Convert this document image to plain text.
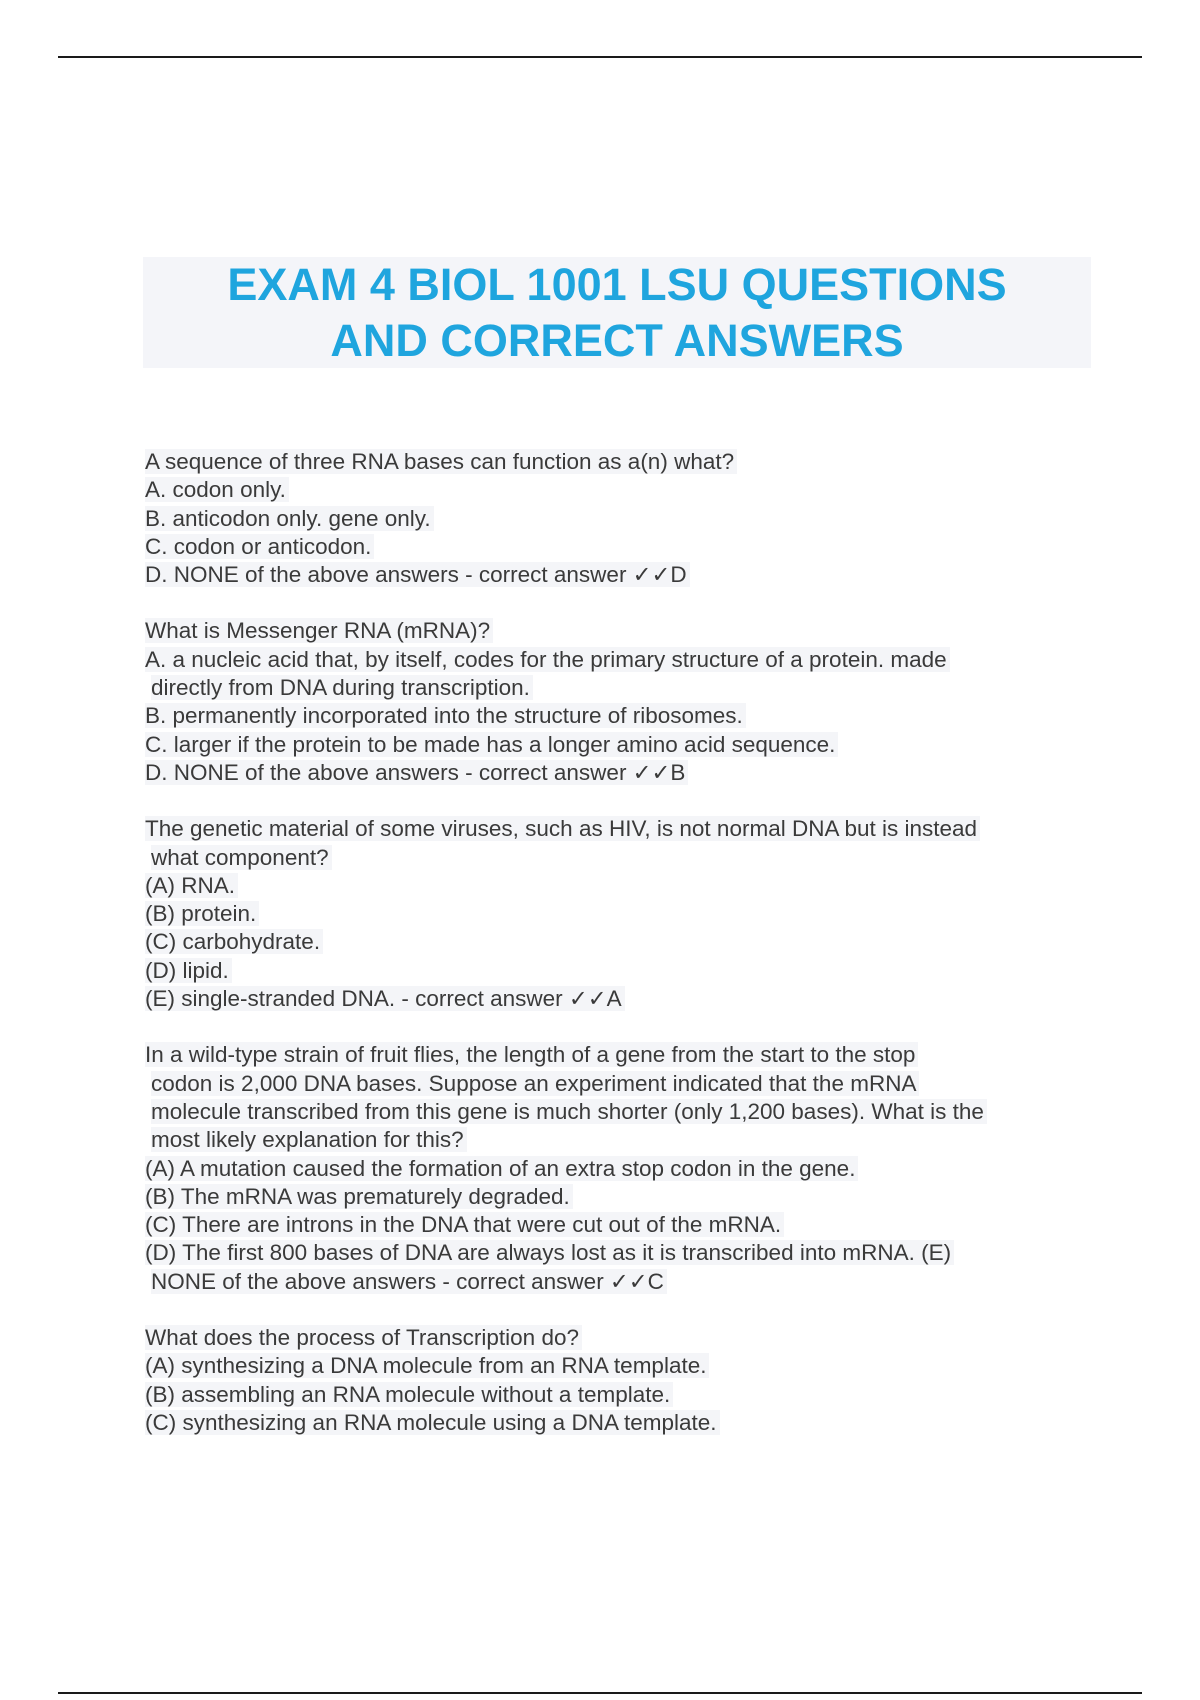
EXAM 4 BIOL 1001 LSU QUESTIONS
AND CORRECT ANSWERS
A sequence of three RNA bases can function as a(n) what?
A. codon only.
B. anticodon only. gene only.
C. codon or anticodon.
D. NONE of the above answers - correct answer ✓✓D
What is Messenger RNA (mRNA)?
A. a nucleic acid that, by itself, codes for the primary structure of a protein. made
directly from DNA during transcription.
B. permanently incorporated into the structure of ribosomes.
C. larger if the protein to be made has a longer amino acid sequence.
D. NONE of the above answers - correct answer ✓✓B
The genetic material of some viruses, such as HIV, is not normal DNA but is instead
what component?
(A) RNA.
(B) protein.
(C) carbohydrate.
(D) lipid.
(E) single-stranded DNA. - correct answer ✓✓A
In a wild-type strain of fruit flies, the length of a gene from the start to the stop
codon is 2,000 DNA bases. Suppose an experiment indicated that the mRNA
molecule transcribed from this gene is much shorter (only 1,200 bases). What is the
most likely explanation for this?
(A) A mutation caused the formation of an extra stop codon in the gene.
(B) The mRNA was prematurely degraded.
(C) There are introns in the DNA that were cut out of the mRNA.
(D) The first 800 bases of DNA are always lost as it is transcribed into mRNA. (E)
NONE of the above answers - correct answer ✓✓C
What does the process of Transcription do?
(A) synthesizing a DNA molecule from an RNA template.
(B) assembling an RNA molecule without a template.
(C) synthesizing an RNA molecule using a DNA template.
